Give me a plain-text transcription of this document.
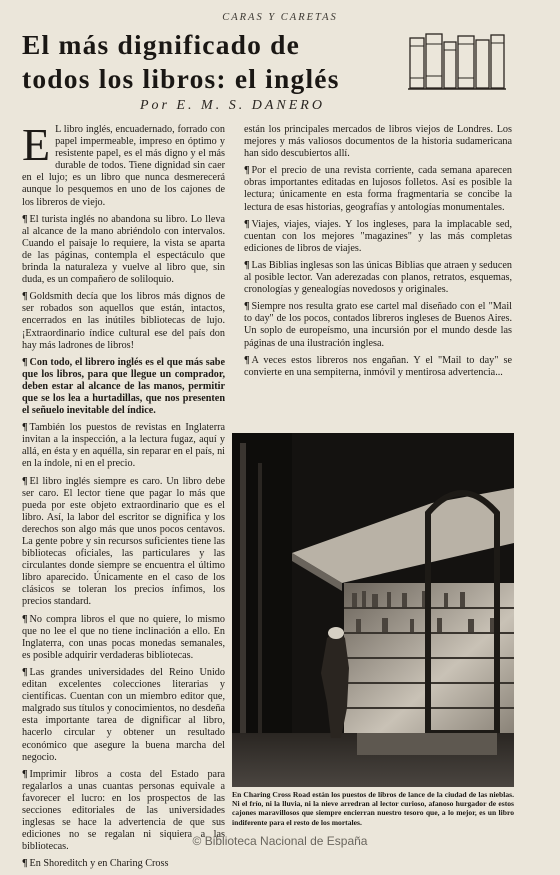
CARAS Y CARETAS
El más dignificado de
todos los libros: el inglés
Por E. M. S. DANERO

E L libro inglés, encuadernado, forrado con papel impermeable, impreso en óptimo y resistente papel, es el más digno y el más durable de todos. Tiene dignidad sin caer en el lujo; es un libro que nunca desmerecerá aunque lo pesquemos en uno de los cajones de los libreros de viejo.

¶ El turista inglés no abandona su libro. Lo lleva al alcance de la mano abriéndolo con intervalos. Cuando el paisaje lo requiere, la vista se aparta de las páginas, contempla el espectáculo que brinda la naturaleza y vuelve al libro que, sin duda, es un compañero de soliloquio.

¶ Goldsmith decía que los libros más dignos de ser robados son aquellos que están, intactos, encerrados en las inútiles bibliotecas de lujo. ¡Extraordinario índice cultural ese del país don hay más ladrones de libros!

¶ Con todo, el librero inglés es el que más sabe que los libros, para que llegue un comprador, deben estar al alcance de las manos, permitir que se los lea a hurtadillas, que nos presenten el señuelo inevitable del índice.

¶ También los puestos de revistas en Inglaterra invitan a la inspección, a la lectura fugaz, aquí y allá, en ésta y en aquélla, sin reparar en el país, ni en la índole, ni en el precio.

¶ El libro inglés siempre es caro. Un libro debe ser caro. El lector tiene que pagar lo más que pueda por este objeto extraordinario que es el libro. Así, la labor del escritor se dignifica y los derechos son algo más que unos pocos centavos. La gente pobre y sin recursos suficientes tiene las bibliotecas oficiales, las particulares y las circulantes donde siempre se encuentra el último libro aparecido. Únicamente en el caso de los clásicos se toleran los precios ínfimos, los precios standard.

¶ No compra libros el que no quiere, lo mismo que no lee el que no tiene inclinación a ello. En Inglaterra, con unas pocas monedas semanales, es posible adquirir verdaderas bibliotecas.

¶ Las grandes universidades del Reino Unido editan excelentes colecciones literarias y científicas. Cuentan con un miembro editor que, malgrado sus títulos y conocimientos, no desdeña esta importante tarea de dignificar al libro, hacerlo circular y obtener un resultado económico que asegure la buena marcha del negocio.

¶ Imprimir libros a costa del Estado para regalarlos a unas cuantas personas equivale a favorecer el lucro: en los prospectos de las secciones editoriales de las universidades inglesas se hace la advertencia de que sus ediciones no se regalan ni siquiera a las bibliotecas.

¶ En Shoreditch y en Charing Cross

están los principales mercados de libros viejos de Londres. Los mejores y más valiosos documentos de la historia sudamericana han sido descubiertos allí.

¶ Por el precio de una revista corriente, cada semana aparecen obras importantes editadas en lujosos folletos. Así es posible la lectura; únicamente en esta forma fragmentaria se concibe la lectura de esas historias, geografías y antologías monumentales.

¶ Viajes, viajes, viajes. Y los ingleses, para la implacable sed, cuentan con los mejores "magazines" y las más completas ediciones de libros de viajes.

¶ Las Biblias inglesas son las únicas Biblias que atraen y seducen al posible lector. Van aderezadas con planos, retratos, esquemas, cronologías y genealogías novedosos y originales.

¶ Siempre nos resulta grato ese cartel mal diseñado con el "Mail to day" de los pocos, contados libreros ingleses de Buenos Aires. Un soplo de europeísmo, una incursión por el mundo desde las páginas de una ilustración inglesa.

¶ A veces estos libreros nos engañan. Y el "Mail to day" se convierte en una sempiterna, inmóvil y mentirosa advertencia...

En Charing Cross Road están los puestos de libros de lance de la ciudad de las nieblas. Ni el frío, ni la lluvia, ni la nieve arredran al lector curioso, afanoso hurgador de estos cajones maravillosos que siempre encierran nuestro tesoro que, a lo mejor, es un libro indiferente para el resto de los mortales.
© Biblioteca Nacional de España
